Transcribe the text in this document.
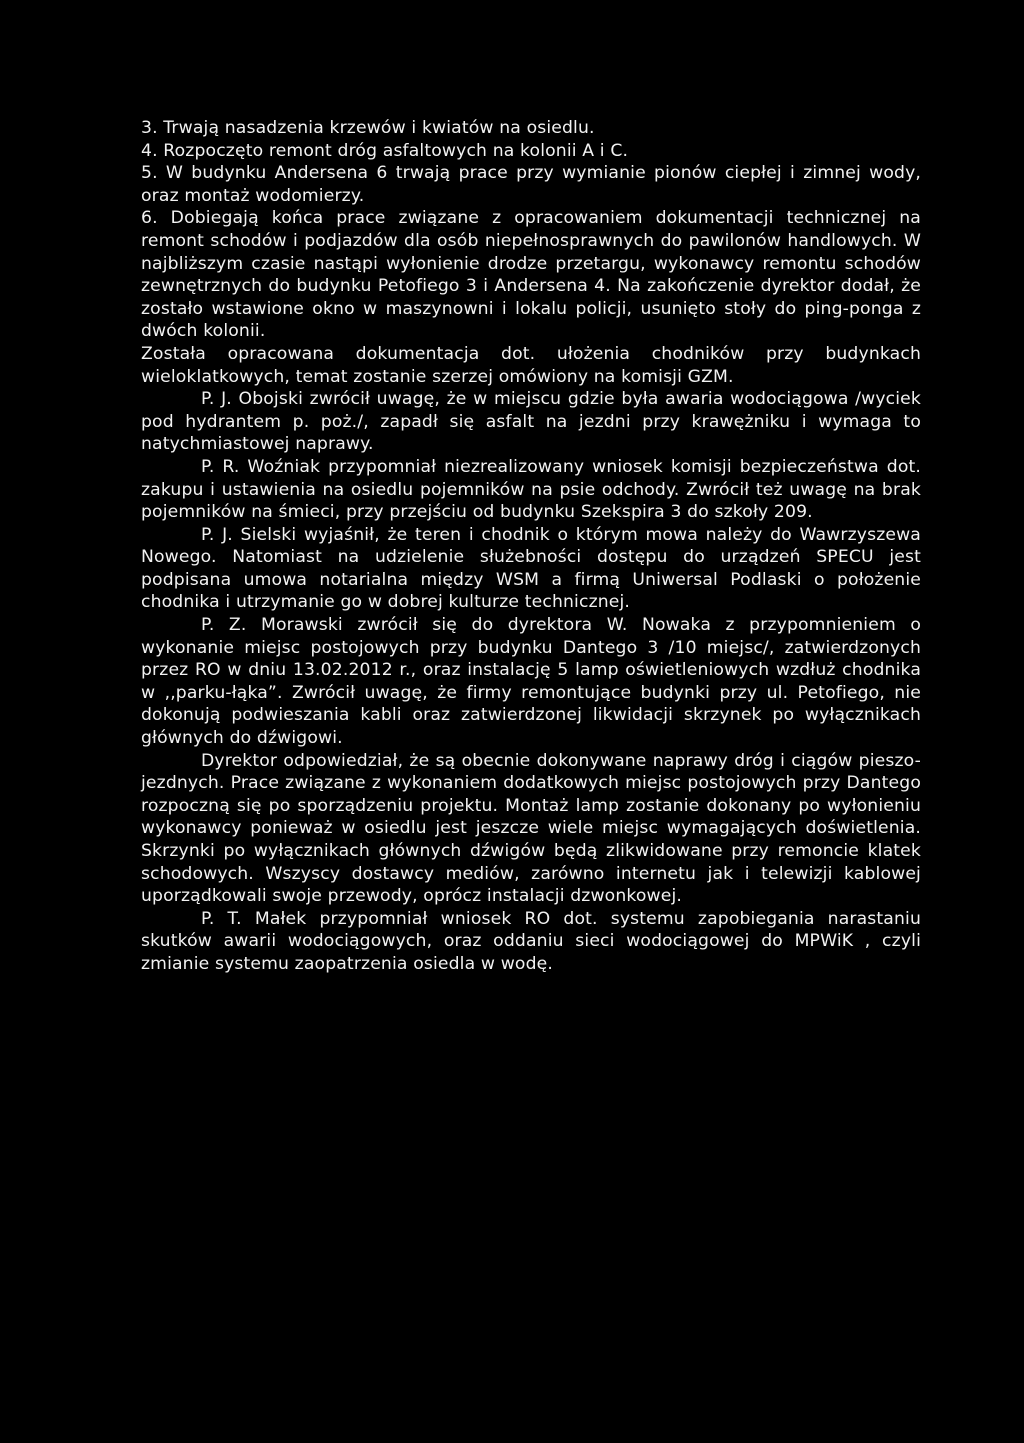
3. Trwają nasadzenia krzewów i kwiatów na osiedlu.

4. Rozpoczęto remont dróg asfaltowych na kolonii A i C.

5. W budynku Andersena 6 trwają prace przy wymianie pionów ciepłej i zimnej wody, oraz montaż wodomierzy.

6. Dobiegają końca prace związane z opracowaniem dokumentacji technicznej na remont schodów i podjazdów dla osób niepełnosprawnych do pawilonów handlowych. W najbliższym czasie nastąpi wyłonienie drodze przetargu, wykonawcy remontu schodów zewnętrznych do budynku Petofiego 3 i Andersena 4. Na zakończenie dyrektor dodał, że zostało wstawione okno w maszynowni i lokalu policji, usunięto stoły do ping-ponga z dwóch kolonii.

Została opracowana dokumentacja dot. ułożenia chodników przy budynkach wieloklatkowych, temat zostanie szerzej omówiony na komisji GZM.

P. J. Obojski zwrócił uwagę, że w miejscu gdzie była awaria wodociągowa /wyciek pod hydrantem p. poż./, zapadł się asfalt na jezdni przy krawężniku i wymaga to natychmiastowej naprawy.

P. R. Woźniak przypomniał niezrealizowany wniosek komisji bezpieczeństwa dot. zakupu i ustawienia na osiedlu pojemników na psie odchody. Zwrócił też uwagę na brak pojemników na śmieci, przy przejściu od budynku Szekspira 3 do szkoły 209.

P. J. Sielski wyjaśnił, że teren i chodnik o którym mowa należy do Wawrzyszewa Nowego. Natomiast na udzielenie służebności dostępu do urządzeń SPECU jest podpisana umowa notarialna między WSM a firmą Uniwersal Podlaski o położenie chodnika i utrzymanie go w dobrej kulturze technicznej.

P. Z. Morawski zwrócił się do dyrektora W. Nowaka z przypomnieniem o wykonanie miejsc postojowych przy budynku Dantego 3 /10 miejsc/, zatwierdzonych przez RO w dniu 13.02.2012 r., oraz instalację 5 lamp oświetleniowych wzdłuż chodnika w ,,parku-łąka”. Zwrócił uwagę, że firmy remontujące budynki przy ul. Petofiego, nie dokonują podwieszania kabli oraz zatwierdzonej likwidacji skrzynek po wyłącznikach głównych do dźwigowi.

Dyrektor odpowiedział, że są obecnie dokonywane naprawy dróg i ciągów pieszo-jezdnych. Prace związane z wykonaniem dodatkowych miejsc postojowych przy Dantego rozpoczną się po sporządzeniu projektu. Montaż lamp zostanie dokonany po wyłonieniu wykonawcy ponieważ w osiedlu jest jeszcze wiele miejsc wymagających doświetlenia. Skrzynki po wyłącznikach głównych dźwigów będą zlikwidowane przy remoncie klatek schodowych. Wszyscy dostawcy mediów, zarówno internetu jak i telewizji kablowej uporządkowali swoje przewody, oprócz instalacji dzwonkowej.

P. T. Małek przypomniał wniosek RO dot. systemu zapobiegania narastaniu skutków awarii wodociągowych, oraz oddaniu sieci wodociągowej do MPWiK , czyli zmianie systemu zaopatrzenia osiedla w wodę.
